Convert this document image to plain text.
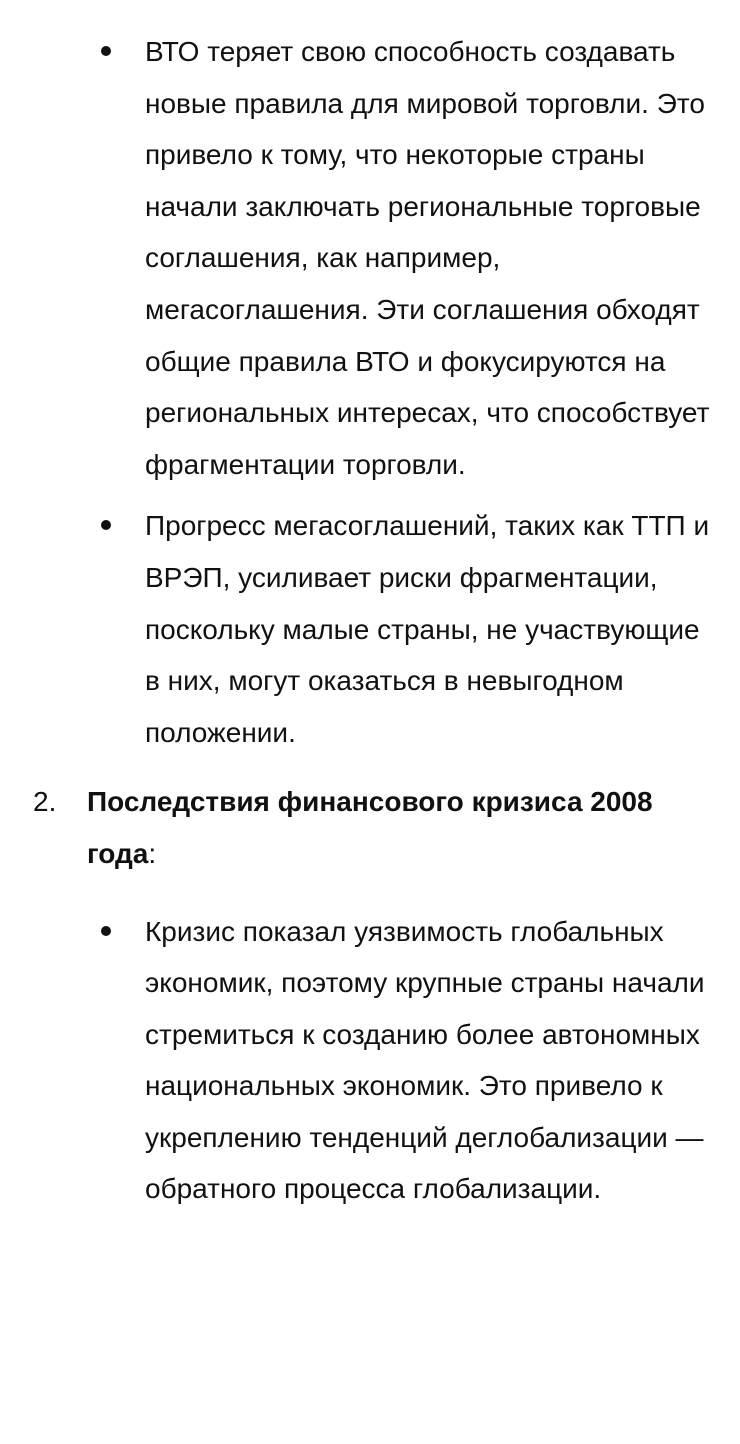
ВТО теряет свою способность создавать новые правила для мировой торговли. Это привело к тому, что некоторые страны начали заключать региональные торговые соглашения, как например, мегасоглашения. Эти соглашения обходят общие правила ВТО и фокусируются на региональных интересах, что способствует фрагментации торговли.
Прогресс мегасоглашений, таких как ТТП и ВРЭП, усиливает риски фрагментации, поскольку малые страны, не участвующие в них, могут оказаться в невыгодном положении.
2. Последствия финансового кризиса 2008 года:
Кризис показал уязвимость глобальных экономик, поэтому крупные страны начали стремиться к созданию более автономных национальных экономик. Это привело к укреплению тенденций деглобализации — обратного процесса глобализации.
